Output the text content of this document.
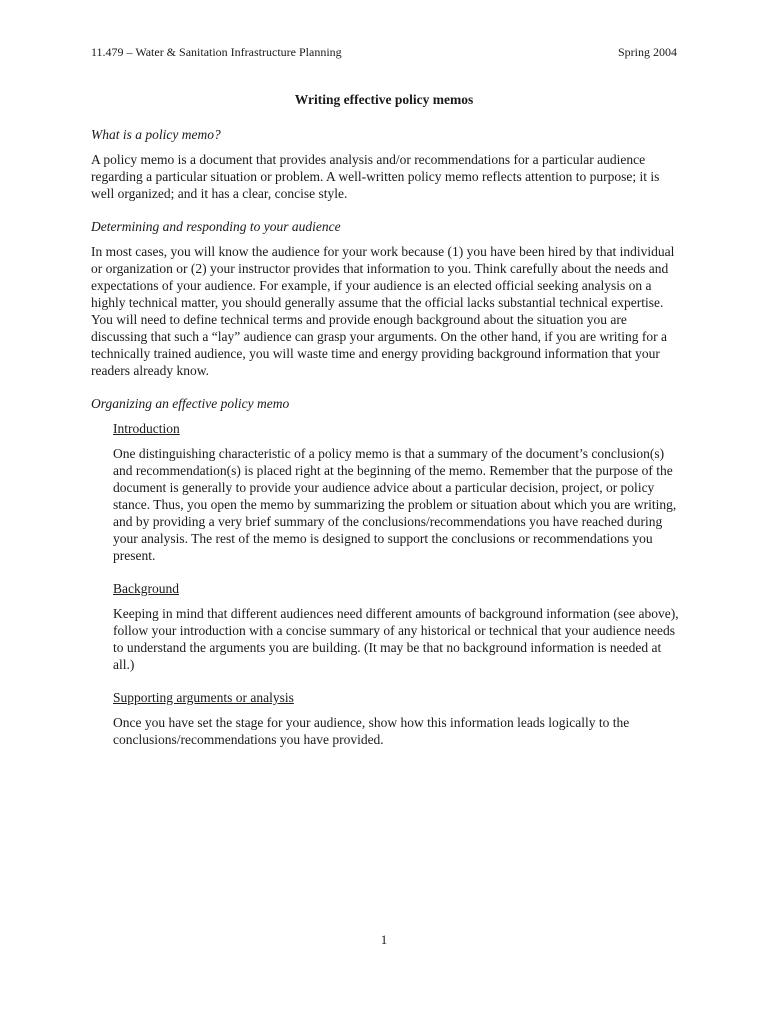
11.479 – Water & Sanitation Infrastructure Planning	Spring 2004
Writing effective policy memos
What is a policy memo?

A policy memo is a document that provides analysis and/or recommendations for a particular audience regarding a particular situation or problem. A well-written policy memo reflects attention to purpose; it is well organized; and it has a clear, concise style.

Determining and responding to your audience

In most cases, you will know the audience for your work because (1) you have been hired by that individual or organization or (2) your instructor provides that information to you. Think carefully about the needs and expectations of your audience. For example, if your audience is an elected official seeking analysis on a highly technical matter, you should generally assume that the official lacks substantial technical expertise. You will need to define technical terms and provide enough background about the situation you are discussing that such a “lay” audience can grasp your arguments. On the other hand, if you are writing for a technically trained audience, you will waste time and energy providing background information that your readers already know.

Organizing an effective policy memo
Introduction

One distinguishing characteristic of a policy memo is that a summary of the document’s conclusion(s) and recommendation(s) is placed right at the beginning of the memo. Remember that the purpose of the document is generally to provide your audience advice about a particular decision, project, or policy stance. Thus, you open the memo by summarizing the problem or situation about which you are writing, and by providing a very brief summary of the conclusions/recommendations you have reached during your analysis. The rest of the memo is designed to support the conclusions or recommendations you present.

Background

Keeping in mind that different audiences need different amounts of background information (see above), follow your introduction with a concise summary of any historical or technical that your audience needs to understand the arguments you are building. (It may be that no background information is needed at all.)

Supporting arguments or analysis

Once you have set the stage for your audience, show how this information leads logically to the conclusions/recommendations you have provided.

1
